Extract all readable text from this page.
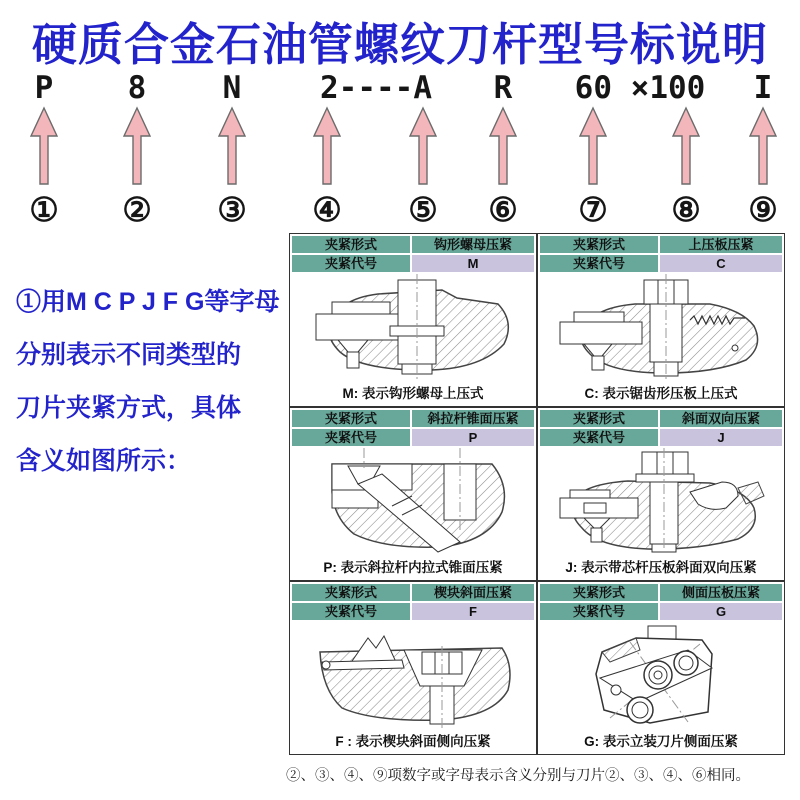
硬质合金石油管螺纹刀杆型号标说明
P 8 N	2----A R 60 ×100 I
① ② ③ ④ ⑤ ⑥ ⑦ ⑧ ⑨
①用M C P J F G等字母
分别表示不同类型的
刀片夹紧方式，具体
含义如图所示：
夹紧形式	钩形螺母压紧
夹紧代号	M
M: 表示钩形螺母上压式
夹紧形式	上压板压紧
夹紧代号	C
C: 表示锯齿形压板上压式
夹紧形式	斜拉杆锥面压紧
夹紧代号	P
P: 表示斜拉杆内拉式锥面压紧
夹紧形式	斜面双向压紧
夹紧代号	J
J: 表示带芯杆压板斜面双向压紧
夹紧形式	楔块斜面压紧
夹紧代号	F
F : 表示楔块斜面侧向压紧
夹紧形式	侧面压板压紧
夹紧代号	G
G: 表示立装刀片侧面压紧
②、③、④、⑨项数字或字母表示含义分别与刀片②、③、④、⑥相同。
